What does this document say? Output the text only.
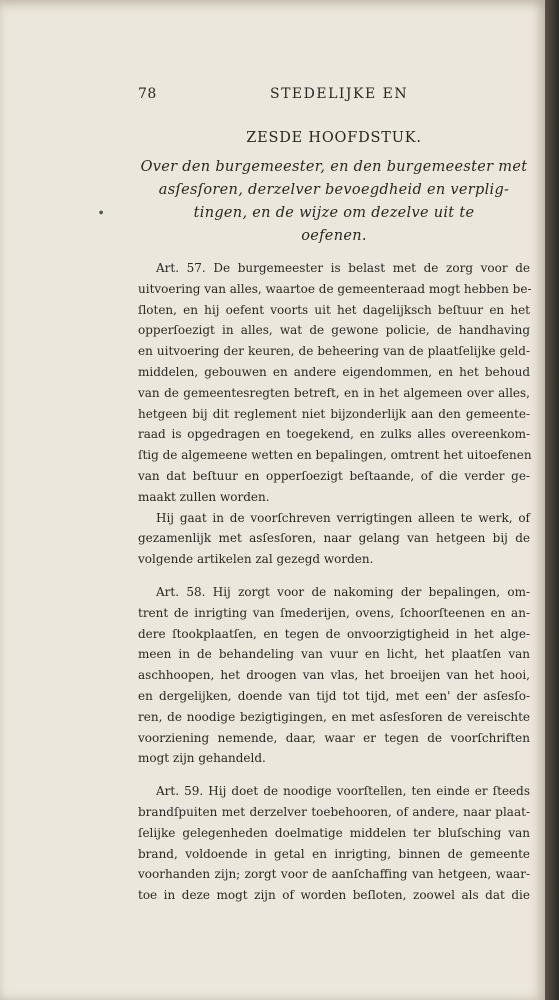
•
78	STEDELIJKE EN
ZESDE HOOFDSTUK.
Over den burgemeester, en den burgemeester met
asſesſoren, derzelver bevoegdheid en verplig-
tingen, en de wijze om dezelve uit te
oefenen.
Art. 57. De burgemeester is belast met de zorg voor de
uitvoering van alles, waartoe de gemeenteraad mogt hebben be-
ſloten, en hij oefent voorts uit het dagelijksch beſtuur en het
opperſoezigt in alles, wat de gewone policie, de handhaving
en uitvoering der keuren, de beheering van de plaatſelijke geld-
middelen, gebouwen en andere eigendommen, en het behoud
van de gemeentesregten betreft, en in het algemeen over alles,
hetgeen bij dit reglement niet bijzonderlijk aan den gemeente-
raad is opgedragen en toegekend, en zulks alles overeenkom-
ſtig de algemeene wetten en bepalingen, omtrent het uitoefenen
van dat beſtuur en opperſoezigt beſtaande, of die verder ge-
maakt zullen worden.
Hij gaat in de voorſchreven verrigtingen alleen te werk, of
gezamenlijk met asſesſoren, naar gelang van hetgeen bij de
volgende artikelen zal gezegd worden.
Art. 58. Hij zorgt voor de nakoming der bepalingen, om-
trent de inrigting van ſmederijen, ovens, ſchoorſteenen en an-
dere ſtookplaatſen, en tegen de onvoorzigtigheid in het alge-
meen in de behandeling van vuur en licht, het plaatſen van
aschhoopen, het droogen van vlas, het broeijen van het hooi,
en dergelijken, doende van tijd tot tijd, met een' der asſesſo-
ren, de noodige bezigtigingen, en met asſesſoren de vereischte
voorziening nemende, daar, waar er tegen de voorſchriften
mogt zijn gehandeld.
Art. 59. Hij doet de noodige voorſtellen, ten einde er ſteeds
brandſpuiten met derzelver toebehooren, of andere, naar plaat-
ſelijke gelegenheden doelmatige middelen ter bluſsching van
brand, voldoende in getal en inrigting, binnen de gemeente
voorhanden zijn; zorgt voor de aanſchaffing van hetgeen, waar-
toe in deze mogt zijn of worden beſloten, zoowel als dat die
